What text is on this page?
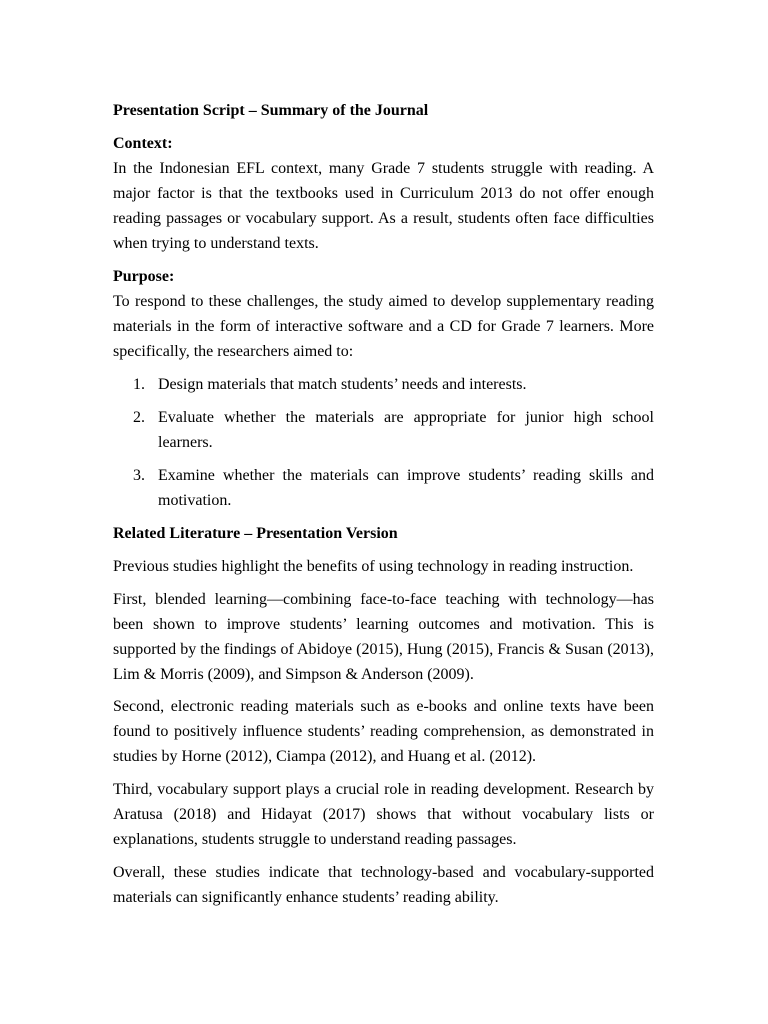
Presentation Script – Summary of the Journal

Context:

In the Indonesian EFL context, many Grade 7 students struggle with reading. A major factor is that the textbooks used in Curriculum 2013 do not offer enough reading passages or vocabulary support. As a result, students often face difficulties when trying to understand texts.

Purpose:

To respond to these challenges, the study aimed to develop supplementary reading materials in the form of interactive software and a CD for Grade 7 learners. More specifically, the researchers aimed to:

1. Design materials that match students’ needs and interests.
2. Evaluate whether the materials are appropriate for junior high school learners.
3. Examine whether the materials can improve students’ reading skills and motivation.

Related Literature – Presentation Version

Previous studies highlight the benefits of using technology in reading instruction.

First, blended learning—combining face-to-face teaching with technology—has been shown to improve students’ learning outcomes and motivation. This is supported by the findings of Abidoye (2015), Hung (2015), Francis & Susan (2013), Lim & Morris (2009), and Simpson & Anderson (2009).

Second, electronic reading materials such as e-books and online texts have been found to positively influence students’ reading comprehension, as demonstrated in studies by Horne (2012), Ciampa (2012), and Huang et al. (2012).

Third, vocabulary support plays a crucial role in reading development. Research by Aratusa (2018) and Hidayat (2017) shows that without vocabulary lists or explanations, students struggle to understand reading passages.

Overall, these studies indicate that technology-based and vocabulary-supported materials can significantly enhance students’ reading ability.
